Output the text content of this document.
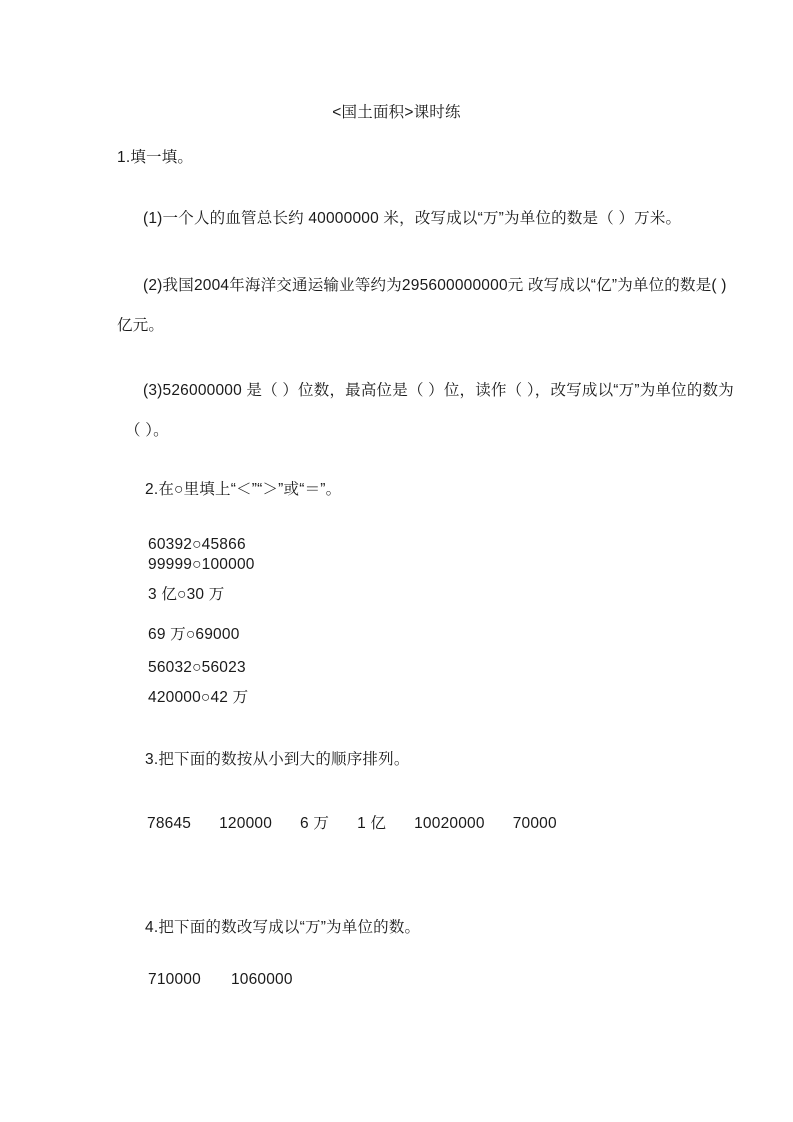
<国土面积>课时练
1.填一填。
(1)一个人的血管总长约 40000000 米，改写成以“万”为单位的数是（ ）万米。
(2)我国2004年海洋交通运输业等约为295600000000元 改写成以“亿”为单位的数是( )
亿元。
(3)526000000 是（ ）位数，最高位是（ ）位，读作（ ），改写成以“万”为单位的数为
（ ）。
2.在○里填上“＜”“＞”或“＝”。
60392○45866
99999○100000
3 亿○30 万
69 万○69000
56032○56023
420000○42 万
3.把下面的数按从小到大的顺序排列。
78645 120000 6 万 1 亿 10020000 70000
4.把下面的数改写成以“万”为单位的数。
710000 1060000
